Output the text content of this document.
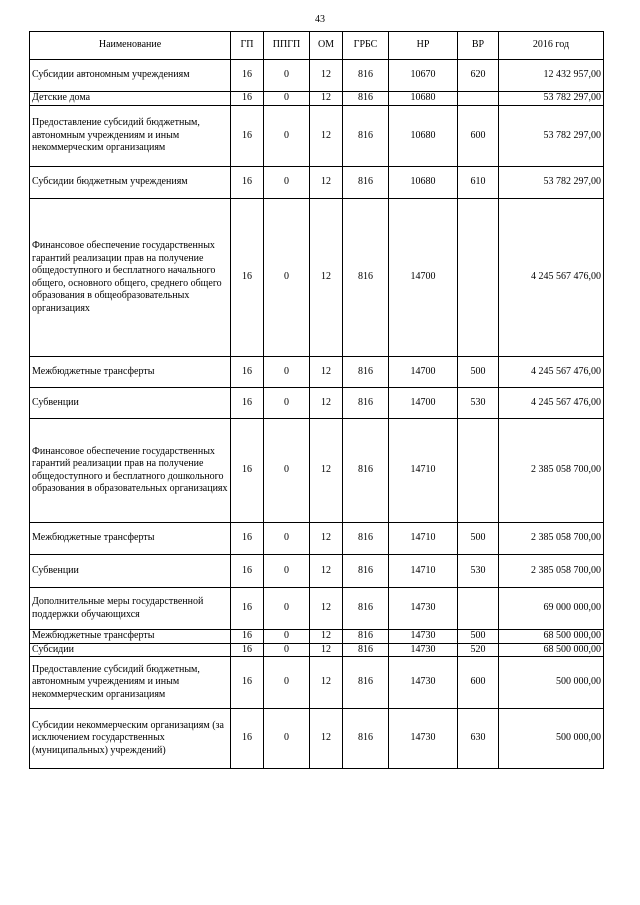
43
Наименование	ГП	ППГП	ОМ	ГРБС	НР	ВР	2016 год
Субсидии автономным учреждениям	16	0	12	816	10670	620	12 432 957,00
Детские дома	16	0	12	816	10680		53 782 297,00
Предоставление субсидий бюджетным, автономным учреждениям и иным некоммерческим организациям	16	0	12	816	10680	600	53 782 297,00
Субсидии бюджетным учреждениям	16	0	12	816	10680	610	53 782 297,00
Финансовое обеспечение государственных гарантий реализации прав на получение общедоступного и бесплатного начального общего, основного общего, среднего общего образования в общеобразовательных организациях	16	0	12	816	14700		4 245 567 476,00
Межбюджетные трансферты	16	0	12	816	14700	500	4 245 567 476,00
Субвенции	16	0	12	816	14700	530	4 245 567 476,00
Финансовое обеспечение государственных гарантий реализации прав на получение общедоступного и бесплатного дошкольного образования в образовательных организациях	16	0	12	816	14710		2 385 058 700,00
Межбюджетные трансферты	16	0	12	816	14710	500	2 385 058 700,00
Субвенции	16	0	12	816	14710	530	2 385 058 700,00
Дополнительные меры государственной поддержки обучающихся	16	0	12	816	14730		69 000 000,00
Межбюджетные трансферты	16	0	12	816	14730	500	68 500 000,00
Субсидии	16	0	12	816	14730	520	68 500 000,00
Предоставление субсидий бюджетным, автономным учреждениям и иным некоммерческим организациям	16	0	12	816	14730	600	500 000,00
Субсидии некоммерческим организациям (за исключением государственных (муниципальных) учреждений)	16	0	12	816	14730	630	500 000,00
